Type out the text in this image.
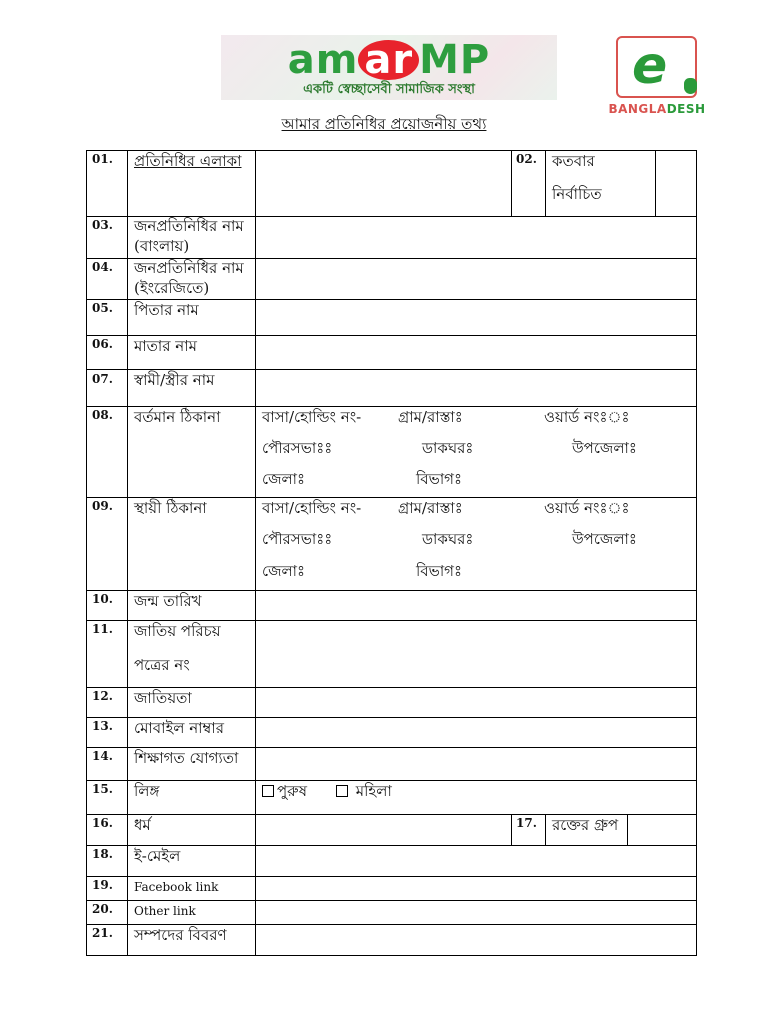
am ar MP
একটি স্বেচ্ছাসেবী সামাজিক সংস্থা	e
BANGLADESH
আমার প্রতিনিধির প্রয়োজনীয় তথ্য
01. প্রতিনিধির এলাকা	02. কতবার
নির্বাচিত
03. জনপ্রতিনিধির নাম
(বাংলায়)
04. জনপ্রতিনিধির নাম
(ইংরেজিতে)
05. পিতার নাম
06. মাতার নাম
07. স্বামী/স্ত্রীর নাম
08. বর্তমান ঠিকানা	বাসা/হোল্ডিং নং- গ্রাম/রাস্তাঃ	ওয়ার্ড নংঃঃ
পৌরসভাঃঃ	ডাকঘরঃ	উপজেলাঃ
জেলাঃ	বিভাগঃ
09. স্থায়ী ঠিকানা	বাসা/হোল্ডিং নং- গ্রাম/রাস্তাঃ	ওয়ার্ড নংঃঃ
পৌরসভাঃঃ	ডাকঘরঃ	উপজেলাঃ
জেলাঃ	বিভাগঃ
10. জন্ম তারিখ
11. জাতিয় পরিচয়
পত্রের নং
12. জাতিয়তা
13. মোবাইল নাম্বার
14. শিক্ষাগত যোগ্যতা
15. লিঙ্গ	পুরুষ	মহিলা
16. ধর্ম	17. রক্তের গ্রুপ
18. ই-মেইল
19. Facebook link
20. Other link
21. সম্পদের বিবরণ
